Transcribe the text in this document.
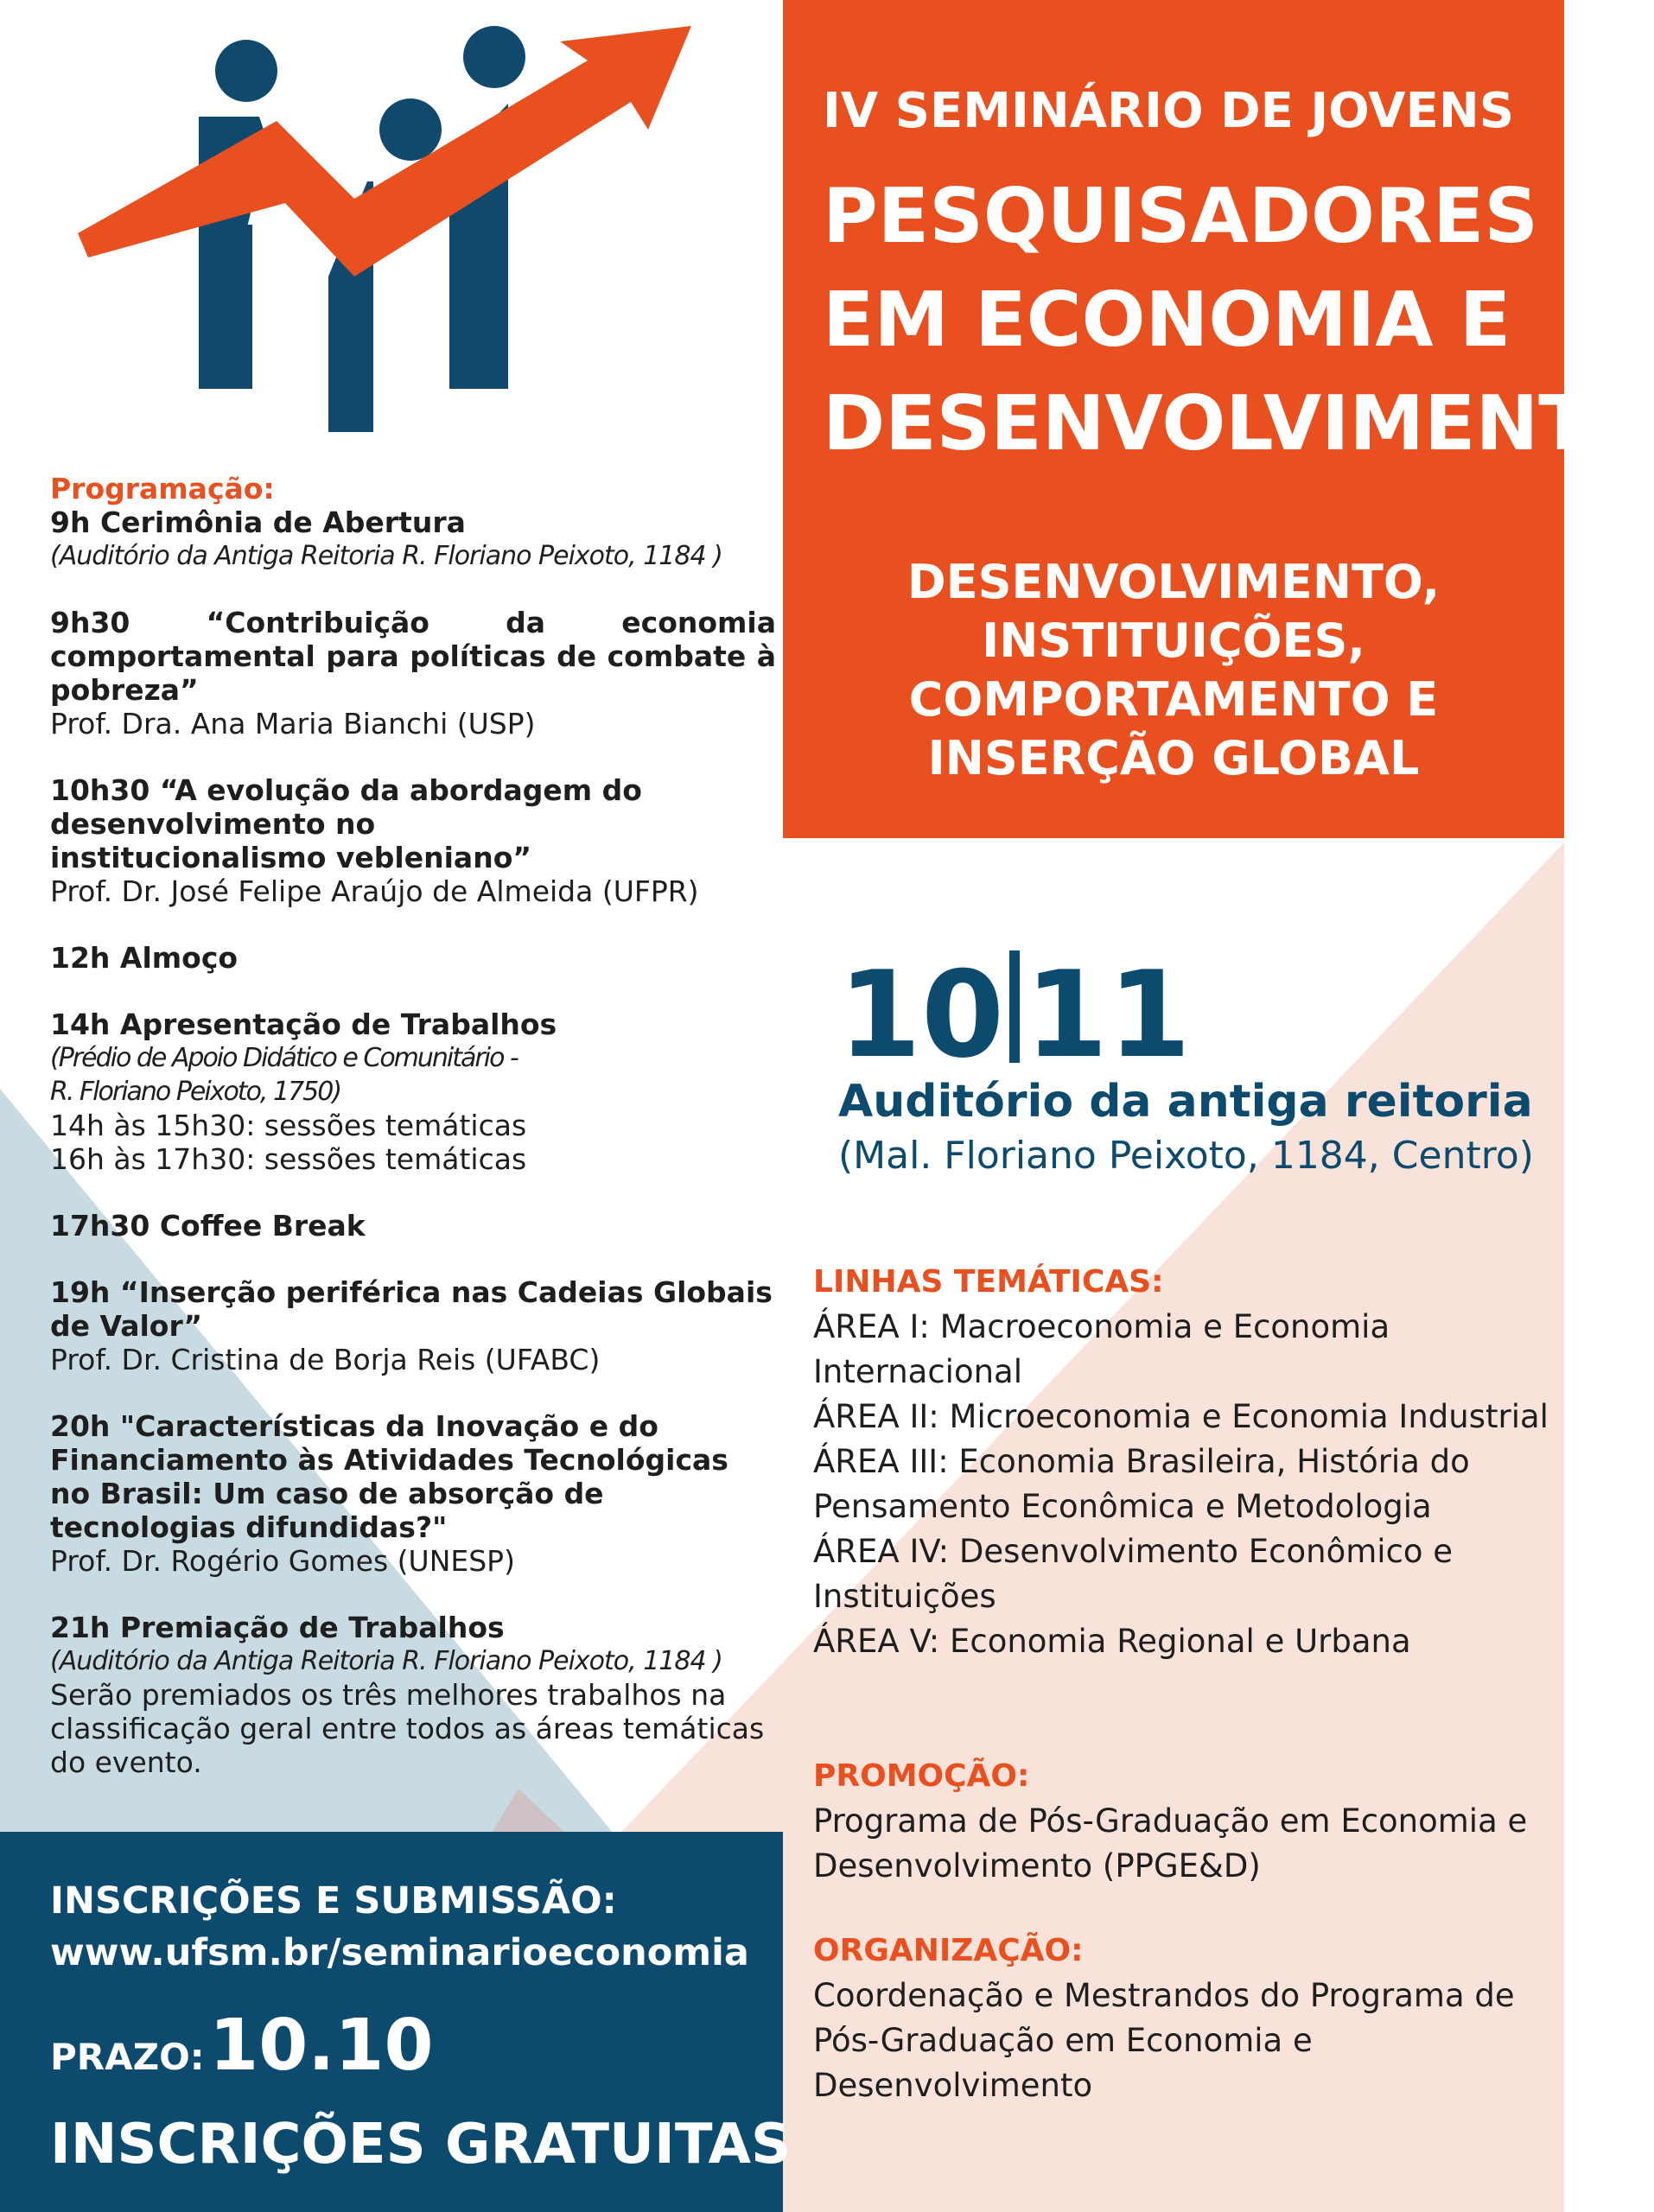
IV SEMINÁRIO DE JOVENS
PESQUISADORES
EM ECONOMIA E
DESENVOLVIMENTO
DESENVOLVIMENTO,
INSTITUIÇÕES,
COMPORTAMENTO E
INSERÇÃO GLOBAL
Programação:
9h Cerimônia de Abertura
(Auditório da Antiga Reitoria R. Floriano Peixoto, 1184 )
9h30 “Contribuição da economia comportamental para políticas de combate à pobreza”
Prof. Dra. Ana Maria Bianchi (USP)
10h30 “A evolução da abordagem do desenvolvimento no institucionalismo vebleniano”
Prof. Dr. José Felipe Araújo de Almeida (UFPR)
12h Almoço
14h Apresentação de Trabalhos
(Prédio de Apoio Didático e Comunitário -
R. Floriano Peixoto, 1750)
14h às 15h30: sessões temáticas
16h às 17h30: sessões temáticas
17h30 Coffee Break
19h “Inserção periférica nas Cadeias Globais de Valor”
Prof. Dr. Cristina de Borja Reis (UFABC)
20h "Características da Inovação e do Financiamento às Atividades Tecnológicas no Brasil: Um caso de absorção de tecnologias difundidas?"
Prof. Dr. Rogério Gomes (UNESP)
21h Premiação de Trabalhos
(Auditório da Antiga Reitoria R. Floriano Peixoto, 1184 )
Serão premiados os três melhores trabalhos na classificação geral entre todos as áreas temáticas do evento.
10 11
Auditório da antiga reitoria
(Mal. Floriano Peixoto, 1184, Centro)
LINHAS TEMÁTICAS:
ÁREA I: Macroeconomia e Economia Internacional
ÁREA II: Microeconomia e Economia Industrial
ÁREA III: Economia Brasileira, História do Pensamento Econômica e Metodologia
ÁREA IV: Desenvolvimento Econômico e Instituições
ÁREA V: Economia Regional e Urbana
PROMOÇÃO:
Programa de Pós-Graduação em Economia e Desenvolvimento (PPGE&D)
ORGANIZAÇÃO:
Coordenação e Mestrandos do Programa de Pós-Graduação em Economia e Desenvolvimento
INSCRIÇÕES E SUBMISSÃO:
www.ufsm.br/seminarioeconomia
PRAZO: 10.10
INSCRIÇÕES GRATUITAS
